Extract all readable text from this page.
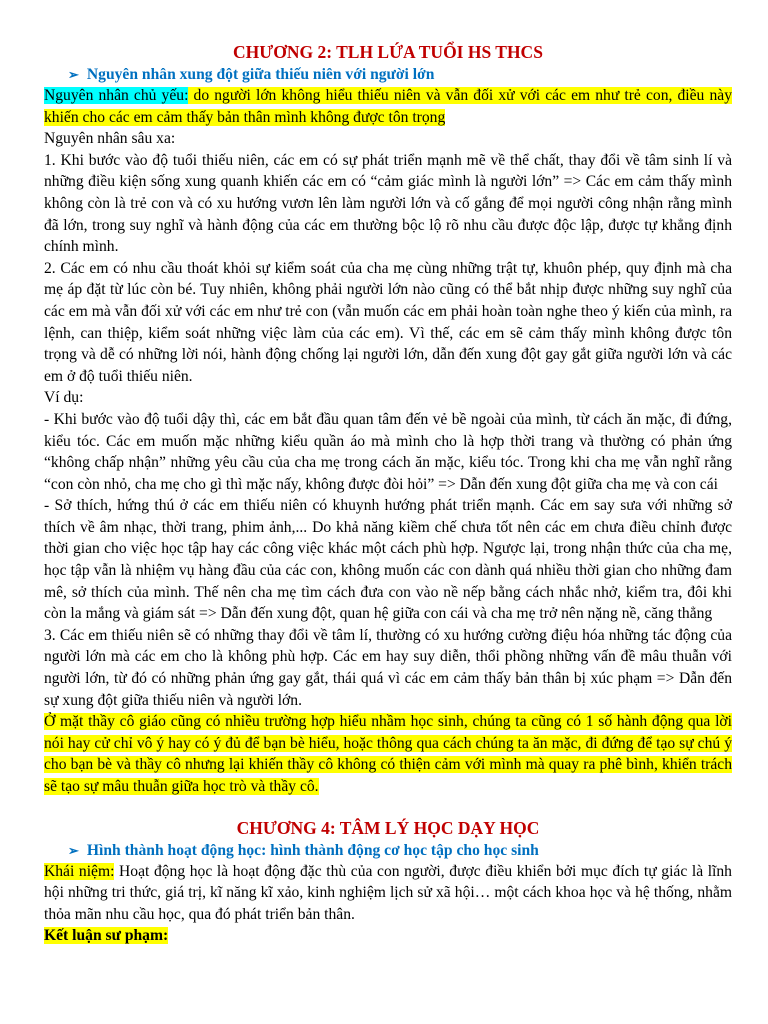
CHƯƠNG 2: TLH LỨA TUỔI HS THCS
➢ Nguyên nhân xung đột giữa thiếu niên với người lớn

Nguyên nhân chủ yếu: do người lớn không hiểu thiếu niên và vẫn đối xử với các em như trẻ con, điều này khiến cho các em cảm thấy bản thân mình không được tôn trọng

Nguyên nhân sâu xa:

1. Khi bước vào độ tuổi thiếu niên, các em có sự phát triển mạnh mẽ về thể chất, thay đổi về tâm sinh lí và những điều kiện sống xung quanh khiến các em có “cảm giác mình là người lớn” => Các em cảm thấy mình không còn là trẻ con và có xu hướng vươn lên làm người lớn và cố gắng để mọi người công nhận rằng mình đã lớn, trong suy nghĩ và hành động của các em thường bộc lộ rõ nhu cầu được độc lập, được tự khẳng định chính mình.

2. Các em có nhu cầu thoát khỏi sự kiểm soát của cha mẹ cùng những trật tự, khuôn phép, quy định mà cha mẹ áp đặt từ lúc còn bé. Tuy nhiên, không phải người lớn nào cũng có thể bắt nhịp được những suy nghĩ của các em mà vẫn đối xử với các em như trẻ con (vẫn muốn các em phải hoàn toàn nghe theo ý kiến của mình, ra lệnh, can thiệp, kiểm soát những việc làm của các em). Vì thế, các em sẽ cảm thấy mình không được tôn trọng và dễ có những lời nói, hành động chống lại người lớn, dẫn đến xung đột gay gắt giữa người lớn và các em ở độ tuổi thiếu niên.

Ví dụ:

- Khi bước vào độ tuổi dậy thì, các em bắt đầu quan tâm đến vẻ bề ngoài của mình, từ cách ăn mặc, đi đứng, kiểu tóc. Các em muốn mặc những kiểu quần áo mà mình cho là hợp thời trang và thường có phản ứng “không chấp nhận” những yêu cầu của cha mẹ trong cách ăn mặc, kiểu tóc. Trong khi cha mẹ vẫn nghĩ rằng “con còn nhỏ, cha mẹ cho gì thì mặc nấy, không được đòi hỏi” => Dẫn đến xung đột giữa cha mẹ và con cái

- Sở thích, hứng thú ở các em thiếu niên có khuynh hướng phát triển mạnh. Các em say sưa với những sở thích về âm nhạc, thời trang, phim ảnh,... Do khả năng kiềm chế chưa tốt nên các em chưa điều chỉnh được thời gian cho việc học tập hay các công việc khác một cách phù hợp. Ngược lại, trong nhận thức của cha mẹ, học tập vẫn là nhiệm vụ hàng đầu của các con, không muốn các con dành quá nhiều thời gian cho những đam mê, sở thích của mình. Thế nên cha mẹ tìm cách đưa con vào nề nếp bằng cách nhắc nhở, kiểm tra, đôi khi còn la mắng và giám sát => Dẫn đến xung đột, quan hệ giữa con cái và cha mẹ trở nên nặng nề, căng thẳng

3. Các em thiếu niên sẽ có những thay đổi về tâm lí, thường có xu hướng cường điệu hóa những tác động của người lớn mà các em cho là không phù hợp. Các em hay suy diễn, thổi phồng những vấn đề mâu thuẫn với người lớn, từ đó có những phản ứng gay gắt, thái quá vì các em cảm thấy bản thân bị xúc phạm => Dẫn đến sự xung đột giữa thiếu niên và người lớn.

Ở mặt thầy cô giáo cũng có nhiều trường hợp hiểu nhầm học sinh, chúng ta cũng có 1 số hành động qua lời nói hay cử chỉ vô ý hay có ý đủ để bạn bè hiểu, hoặc thông qua cách chúng ta ăn mặc, đi đứng để tạo sự chú ý cho bạn bè và thầy cô nhưng lại khiến thầy cô không có thiện cảm với mình mà quay ra phê bình, khiển trách sẽ tạo sự mâu thuẫn giữa học trò và thầy cô.

CHƯƠNG 4: TÂM LÝ HỌC DẠY HỌC
➢ Hình thành hoạt động học: hình thành động cơ học tập cho học sinh

Khái niệm: Hoạt động học là hoạt động đặc thù của con người, được điều khiển bởi mục đích tự giác là lĩnh hội những tri thức, giá trị, kĩ năng kĩ xảo, kinh nghiệm lịch sử xã hội… một cách khoa học và hệ thống, nhằm thỏa mãn nhu cầu học, qua đó phát triển bản thân.

Kết luận sư phạm:
